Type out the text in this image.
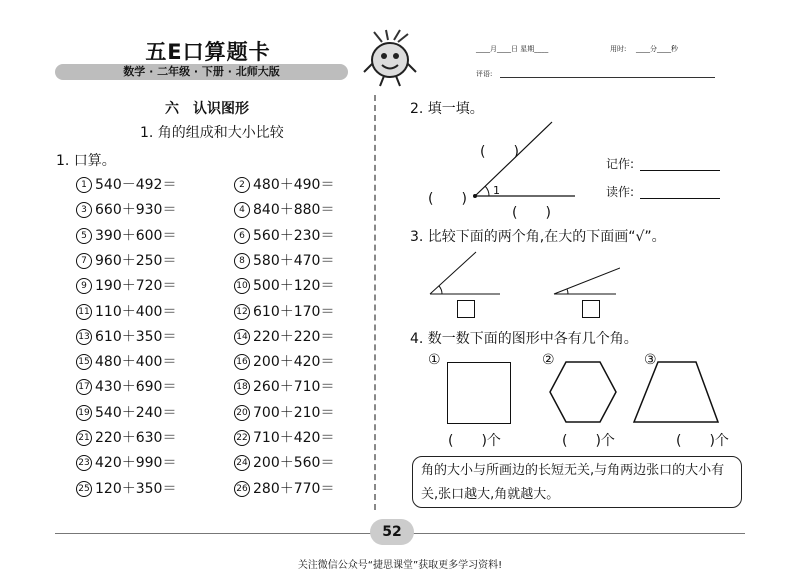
五E口算题卡
数学 · 二年级 · 下册 · 北师大版
____月____日 星期____	用时: ____分____秒
评语:
六　认识图形
1. 角的组成和大小比较
1. 口算。
1 540－492＝	2 480＋490＝
3 660＋930＝	4 840＋880＝
5 390＋600＝	6 560＋230＝
7 960＋250＝	8 580＋470＝
9 190＋720＝	10 500＋120＝
11 110＋400＝	12 610＋170＝
13 610＋350＝	14 220＋220＝
15 480＋400＝	16 200＋420＝
17 430＋690＝	18 260＋710＝
19 540＋240＝	20 700＋210＝
21 220＋630＝	22 710＋420＝
23 420＋990＝	24 200＋560＝
25 120＋350＝	26 280＋770＝
2. 填一填。
1
(　　)
(　　)
(　　)
记作:
读作:
3. 比较下面的两个角,在大的下面画“√”。
4. 数一数下面的图形中各有几个角。
①	②	③
(　　)个	(　　)个	(　　)个
角的大小与所画边的长短无关,与角两边张口的大小有关,张口越大,角就越大。
52
关注微信公众号“捷思课堂”获取更多学习资料!
